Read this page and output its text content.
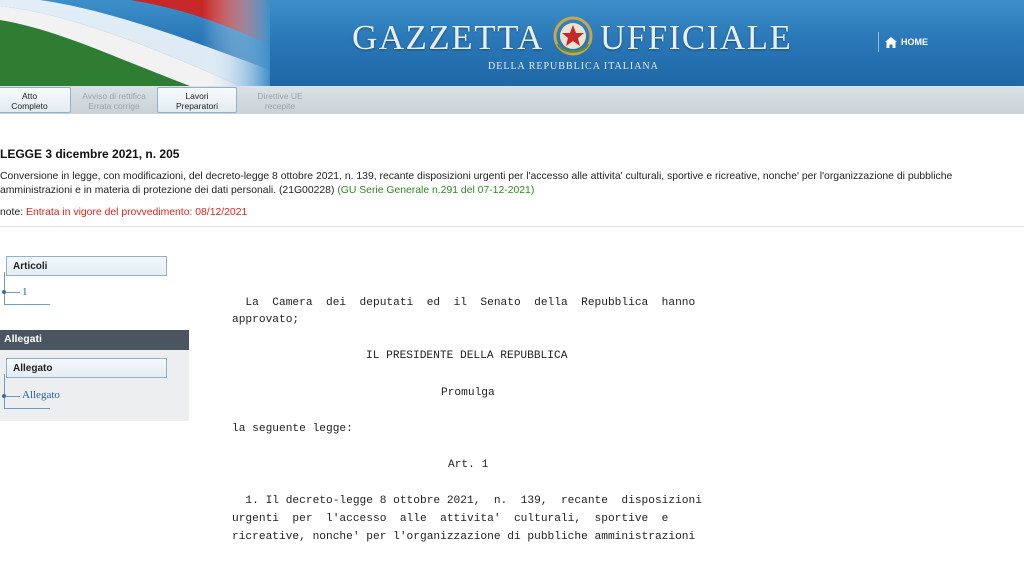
GAZZETTA UFFICIALE
DELLA REPUBBLICA ITALIANA
HOME
Atto
Completo
Avviso di rettifica
Errata corrige
Lavori
Preparatori
Direttive UE
recepite
LEGGE 3 dicembre 2021, n. 205
Conversione in legge, con modificazioni, del decreto-legge 8 ottobre 2021, n. 139, recante disposizioni urgenti per l'accesso alle attivita' culturali, sportive e ricreative, nonche' per l'organizzazione di pubbliche amministrazioni e in materia di protezione dei dati personali. (21G00228) (GU Serie Generale n.291 del 07-12-2021)
note: Entrata in vigore del provvedimento: 08/12/2021
Articoli
1
Allegati
Allegato
Allegato
La  Camera  dei  deputati  ed  il  Senato  della  Repubblica  hanno
approvato;
IL PRESIDENTE DELLA REPUBBLICA
Promulga
la seguente legge:
Art. 1
1. Il decreto-legge 8 ottobre 2021,  n.  139,  recante  disposizioni
urgenti  per  l'accesso  alle  attivita'  culturali,  sportive  e
ricreative, nonche' per l'organizzazione di pubbliche amministrazioni
